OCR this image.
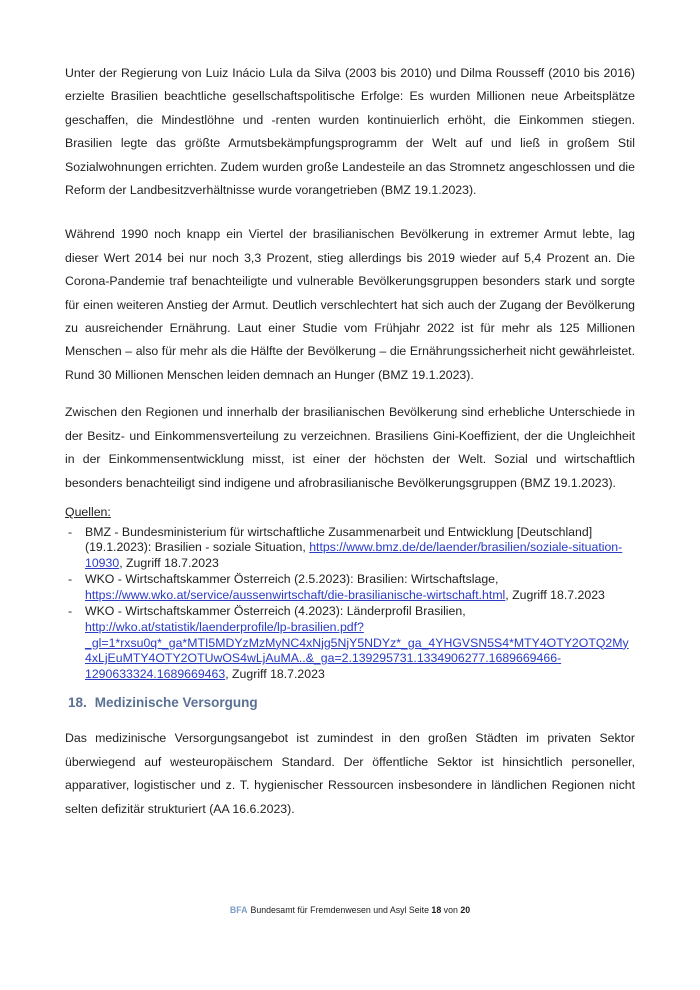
Unter der Regierung von Luiz Inácio Lula da Silva (2003 bis 2010) und Dilma Rousseff (2010 bis 2016) erzielte Brasilien beachtliche gesellschaftspolitische Erfolge: Es wurden Millionen neue Arbeitsplätze geschaffen, die Mindestlöhne und -renten wurden kontinuierlich erhöht, die Einkommen stiegen. Brasilien legte das größte Armutsbekämpfungsprogramm der Welt auf und ließ in großem Stil Sozialwohnungen errichten. Zudem wurden große Landesteile an das Stromnetz angeschlossen und die Reform der Landbesitzverhältnisse wurde vorangetrieben (BMZ 19.1.2023).

Während 1990 noch knapp ein Viertel der brasilianischen Bevölkerung in extremer Armut lebte, lag dieser Wert 2014 bei nur noch 3,3 Prozent, stieg allerdings bis 2019 wieder auf 5,4 Prozent an. Die Corona-Pandemie traf benachteiligte und vulnerable Bevölkerungsgruppen besonders stark und sorgte für einen weiteren Anstieg der Armut. Deutlich verschlechtert hat sich auch der Zugang der Bevölkerung zu ausreichender Ernährung. Laut einer Studie vom Frühjahr 2022 ist für mehr als 125 Millionen Menschen – also für mehr als die Hälfte der Bevölkerung – die Ernährungssicherheit nicht gewährleistet. Rund 30 Millionen Menschen leiden demnach an Hunger (BMZ 19.1.2023).

Zwischen den Regionen und innerhalb der brasilianischen Bevölkerung sind erhebliche Unterschiede in der Besitz- und Einkommensverteilung zu verzeichnen. Brasiliens Gini-Koeffizient, der die Ungleichheit in der Einkommensentwicklung misst, ist einer der höchsten der Welt. Sozial und wirtschaftlich besonders benachteiligt sind indigene und afrobrasilianische Bevölkerungsgruppen (BMZ 19.1.2023).

Quellen:
-	BMZ - Bundesministerium für wirtschaftliche Zusammenarbeit und Entwicklung [Deutschland] (19.1.2023): Brasilien - soziale Situation, https://www.bmz.de/de/laender/brasilien/soziale-situation-10930, Zugriff 18.7.2023
-	WKO - Wirtschaftskammer Österreich (2.5.2023): Brasilien: Wirtschaftslage, https://www.wko.at/service/aussenwirtschaft/die-brasilianische-wirtschaft.html, Zugriff 18.7.2023
-	WKO - Wirtschaftskammer Österreich (4.2023): Länderprofil Brasilien, http://wko.at/statistik/laenderprofile/lp-brasilien.pdf?_gl=1*rxsu0q*_ga*MTI5MDYzMzMyNC4xNjg5NjY5NDYz*_ga_4YHGVSN5S4*MTY4OTY2OTQ2My4xLjEuMTY4OTY2OTUwOS4wLjAuMA..&_ga=2.139295731.1334906277.1689669466-1290633324.1689669463, Zugriff 18.7.2023
18. Medizinische Versorgung

Das medizinische Versorgungsangebot ist zumindest in den großen Städten im privaten Sektor überwiegend auf westeuropäischem Standard. Der öffentliche Sektor ist hinsichtlich personeller, apparativer, logistischer und z. T. hygienischer Ressourcen insbesondere in ländlichen Regionen nicht selten defizitär strukturiert (AA 16.6.2023).

BFA Bundesamt für Fremdenwesen und Asyl Seite 18 von 20
